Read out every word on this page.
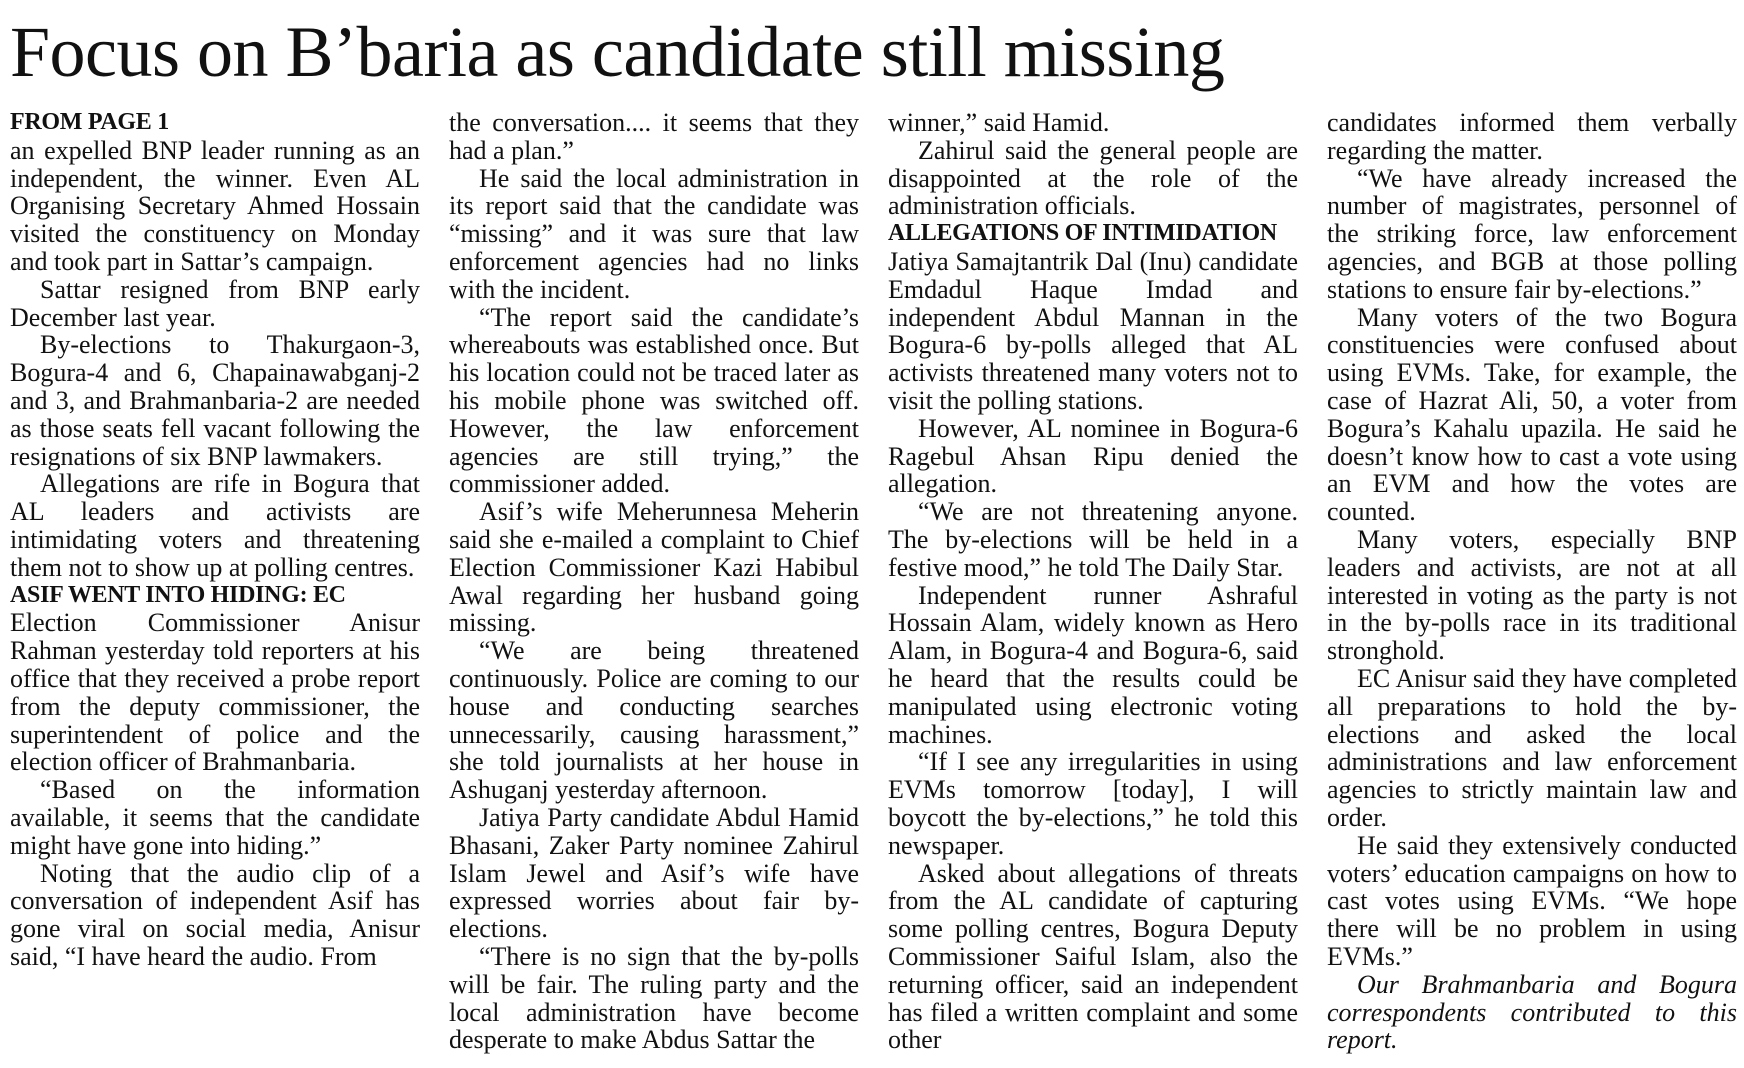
Focus on B’baria as candidate still missing
FROM PAGE 1

an expelled BNP leader running as an independent, the winner. Even AL Organising Secretary Ahmed Hossain visited the constituency on Monday and took part in Sattar’s campaign.

Sattar resigned from BNP early December last year.

By-elections to Thakurgaon-3, Bogura-4 and 6, Chapainawabganj-2 and 3, and Brahmanbaria-2 are needed as those seats fell vacant following the resignations of six BNP lawmakers.

Allegations are rife in Bogura that AL leaders and activists are intimidating voters and threatening them not to show up at polling centres.

ASIF WENT INTO HIDING: EC

Election Commissioner Anisur Rahman yesterday told reporters at his office that they received a probe report from the deputy commissioner, the superintendent of police and the election officer of Brahmanbaria.

“Based on the information available, it seems that the candidate might have gone into hiding.”

Noting that the audio clip of a conversation of independent Asif has gone viral on social media, Anisur said, “I have heard the audio. From

the conversation.... it seems that they had a plan.”

He said the local administration in its report said that the candidate was “missing” and it was sure that law enforcement agencies had no links with the incident.

“The report said the candidate’s whereabouts was established once. But his location could not be traced later as his mobile phone was switched off. However, the law enforcement agencies are still trying,” the commissioner added.

Asif’s wife Meherunnesa Meherin said she e-mailed a complaint to Chief Election Commissioner Kazi Habibul Awal regarding her husband going missing.

“We are being threatened continuously. Police are coming to our house and conducting searches unnecessarily, causing harassment,” she told journalists at her house in Ashuganj yesterday afternoon.

Jatiya Party candidate Abdul Hamid Bhasani, Zaker Party nominee Zahirul Islam Jewel and Asif’s wife have expressed worries about fair by-elections.

“There is no sign that the by-polls will be fair. The ruling party and the local administration have become desperate to make Abdus Sattar the

winner,” said Hamid.

Zahirul said the general people are disappointed at the role of the administration officials.

ALLEGATIONS OF INTIMIDATION

Jatiya Samajtantrik Dal (Inu) candidate Emdadul Haque Imdad and independent Abdul Mannan in the Bogura-6 by-polls alleged that AL activists threatened many voters not to visit the polling stations.

However, AL nominee in Bogura-6 Ragebul Ahsan Ripu denied the allegation.

“We are not threatening anyone. The by-elections will be held in a festive mood,” he told The Daily Star.

Independent runner Ashraful Hossain Alam, widely known as Hero Alam, in Bogura-4 and Bogura-6, said he heard that the results could be manipulated using electronic voting machines.

“If I see any irregularities in using EVMs tomorrow [today], I will boycott the by-elections,” he told this newspaper.

Asked about allegations of threats from the AL candidate of capturing some polling centres, Bogura Deputy Commissioner Saiful Islam, also the returning officer, said an independent has filed a written complaint and some other

candidates informed them verbally regarding the matter.

“We have already increased the number of magistrates, personnel of the striking force, law enforcement agencies, and BGB at those polling stations to ensure fair by-elections.”

Many voters of the two Bogura constituencies were confused about using EVMs. Take, for example, the case of Hazrat Ali, 50, a voter from Bogura’s Kahalu upazila. He said he doesn’t know how to cast a vote using an EVM and how the votes are counted.

Many voters, especially BNP leaders and activists, are not at all interested in voting as the party is not in the by-polls race in its traditional stronghold.

EC Anisur said they have completed all preparations to hold the by-elections and asked the local administrations and law enforcement agencies to strictly maintain law and order.

He said they extensively conducted voters’ education campaigns on how to cast votes using EVMs. “We hope there will be no problem in using EVMs.”

Our Brahmanbaria and Bogura correspondents contributed to this report.
